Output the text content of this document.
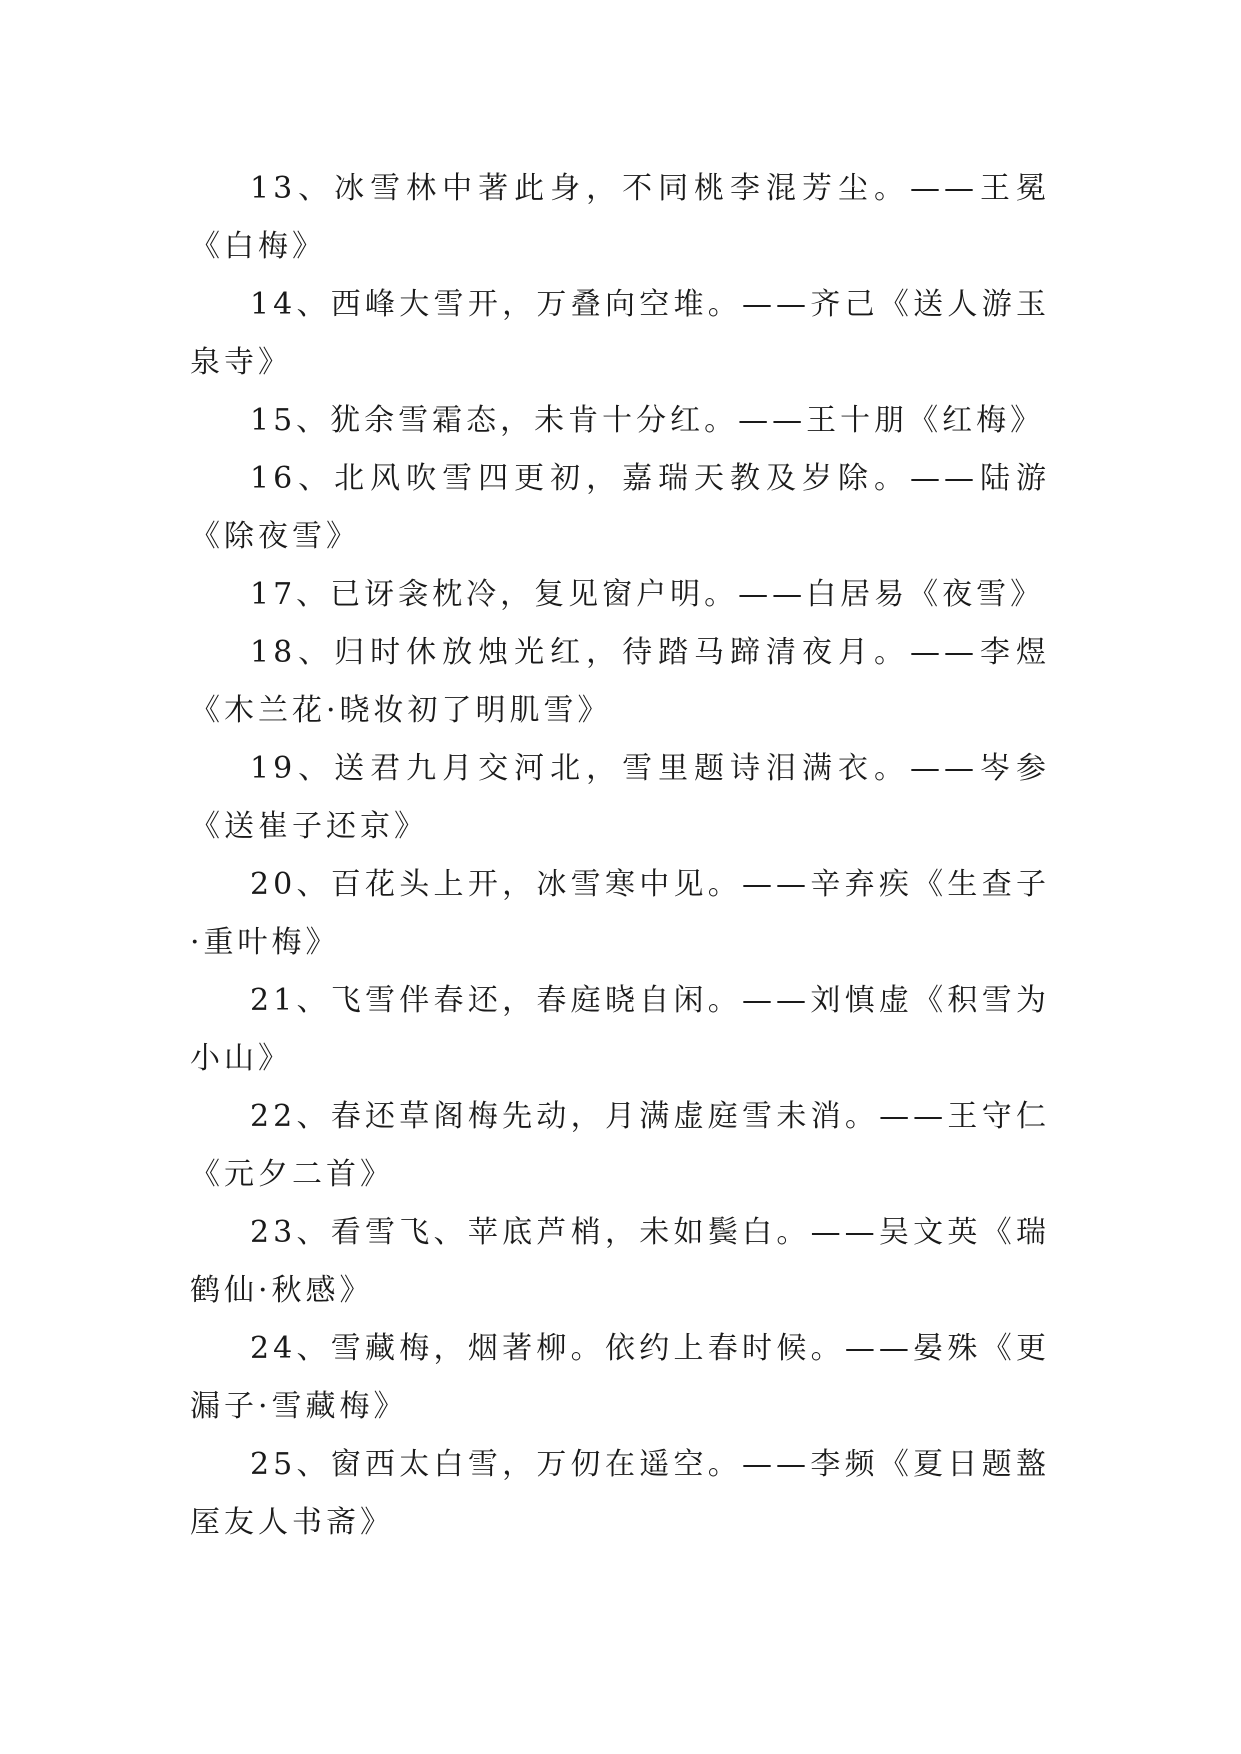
13、冰雪林中著此身，不同桃李混芳尘。——王冕《白梅》

14、西峰大雪开，万叠向空堆。——齐己《送人游玉泉寺》

15、犹余雪霜态，未肯十分红。——王十朋《红梅》

16、北风吹雪四更初，嘉瑞天教及岁除。——陆游《除夜雪》

17、已讶衾枕冷，复见窗户明。——白居易《夜雪》

18、归时休放烛光红，待踏马蹄清夜月。——李煜《木兰花·晓妆初了明肌雪》

19、送君九月交河北，雪里题诗泪满衣。——岑参《送崔子还京》

20、百花头上开，冰雪寒中见。——辛弃疾《生查子·重叶梅》

21、飞雪伴春还，春庭晓自闲。——刘慎虚《积雪为小山》

22、春还草阁梅先动，月满虚庭雪未消。——王守仁《元夕二首》

23、看雪飞、苹底芦梢，未如鬓白。——吴文英《瑞鹤仙·秋感》

24、雪藏梅，烟著柳。依约上春时候。——晏殊《更漏子·雪藏梅》

25、窗西太白雪，万仞在遥空。——李频《夏日题盩厔友人书斋》
